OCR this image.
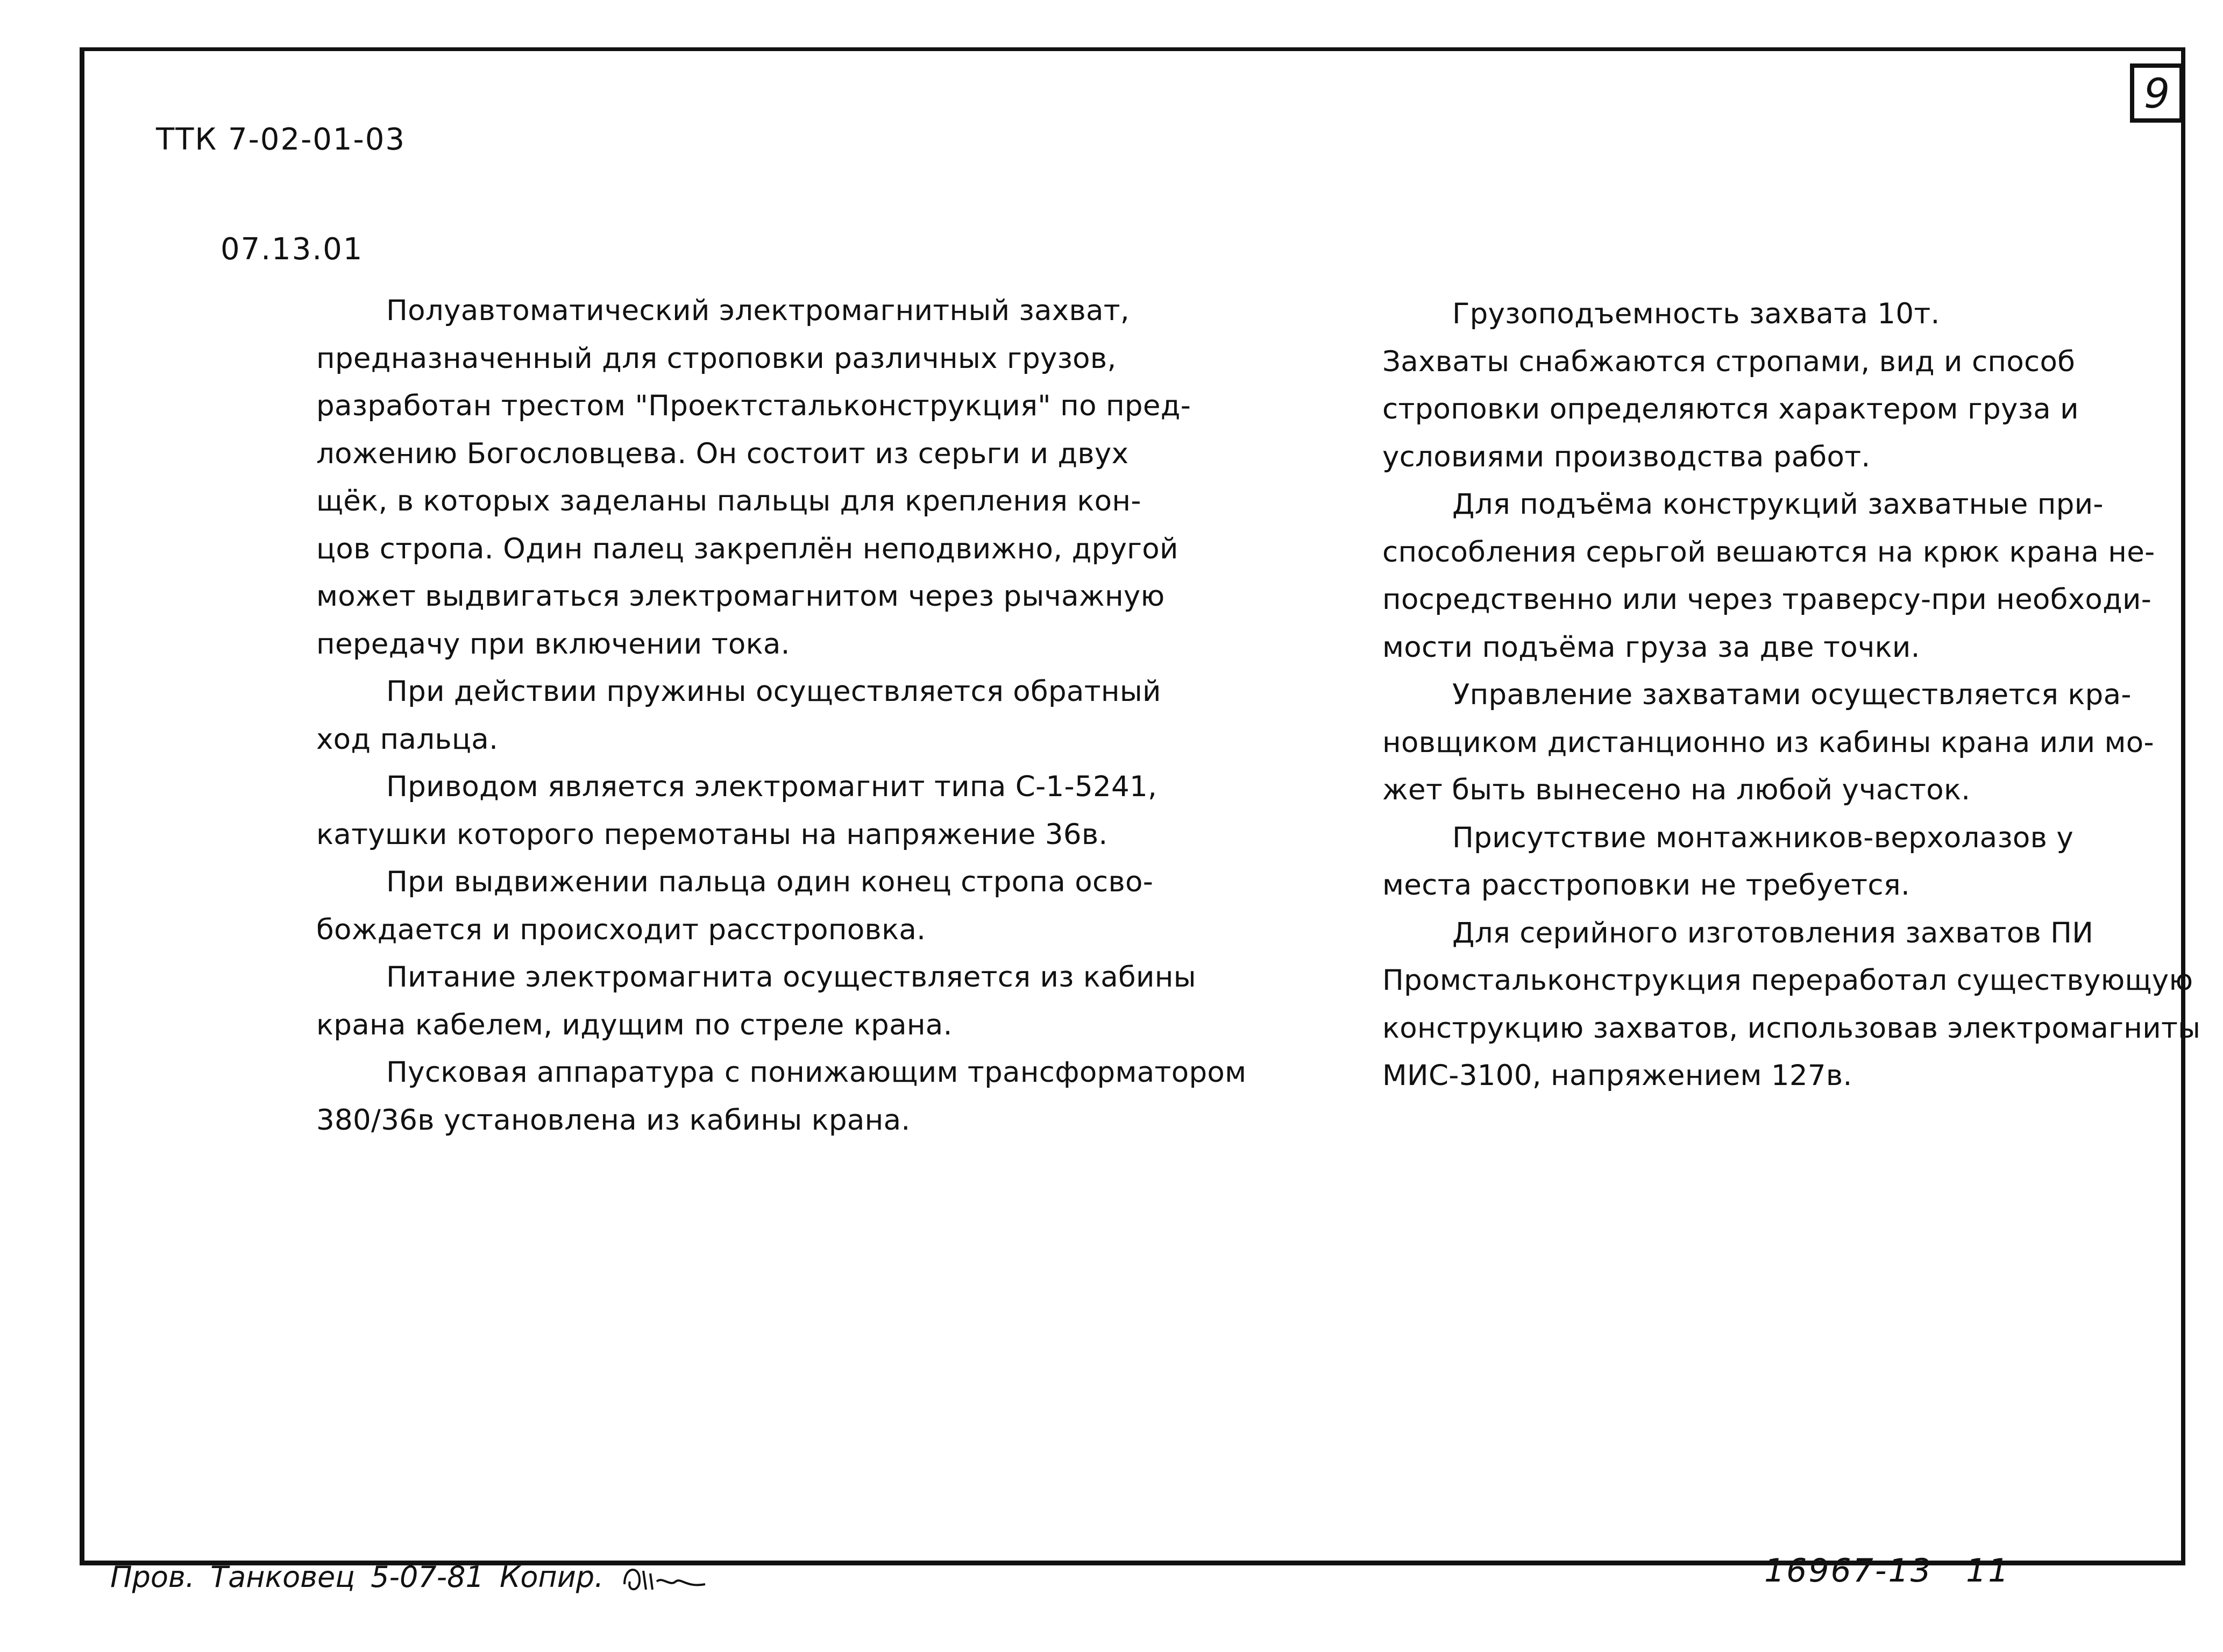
ТТК 7-02-01-03

07.13.01

9
Полуавтоматический электромагнитный захват,
предназначенный для строповки различных грузов,
разработан трестом "Проектстальконструкция" по пред-
ложению Богословцева. Он состоит из серьги и двух
щёк, в которых заделаны пальцы для крепления кон-
цов стропа. Один палец закреплён неподвижно, другой
может выдвигаться электромагнитом через рычажную
передачу при включении тока.
При действии пружины осуществляется обратный
ход пальца.
Приводом является электромагнит типа С-1-5241,
катушки которого перемотаны на напряжение 36в.
При выдвижении пальца один конец стропа осво-
бождается и происходит расстроповка.
Питание электромагнита осуществляется из кабины
крана кабелем, идущим по стреле крана.
Пусковая аппаратура с понижающим трансформатором
380/36в установлена из кабины крана.
Грузоподъемность захвата 10т.
Захваты снабжаются стропами, вид и способ
строповки определяются характером груза и
условиями производства работ.
Для подъёма конструкций захватные при-
способления серьгой вешаются на крюк крана не-
посредственно или через траверсу-при необходи-
мости подъёма груза за две точки.
Управление захватами осуществляется кра-
новщиком дистанционно из кабины крана или мо-
жет быть вынесено на любой участок.
Присутствие монтажников-верхолазов у
места расстроповки не требуется.
Для серийного изготовления захватов ПИ
Промстальконструкция переработал существующую
конструкцию захватов, использовав электромагниты
МИС-3100, напряжением 127в.
Пров. Танковец 5-07-81 Копир.	16967-13 11
